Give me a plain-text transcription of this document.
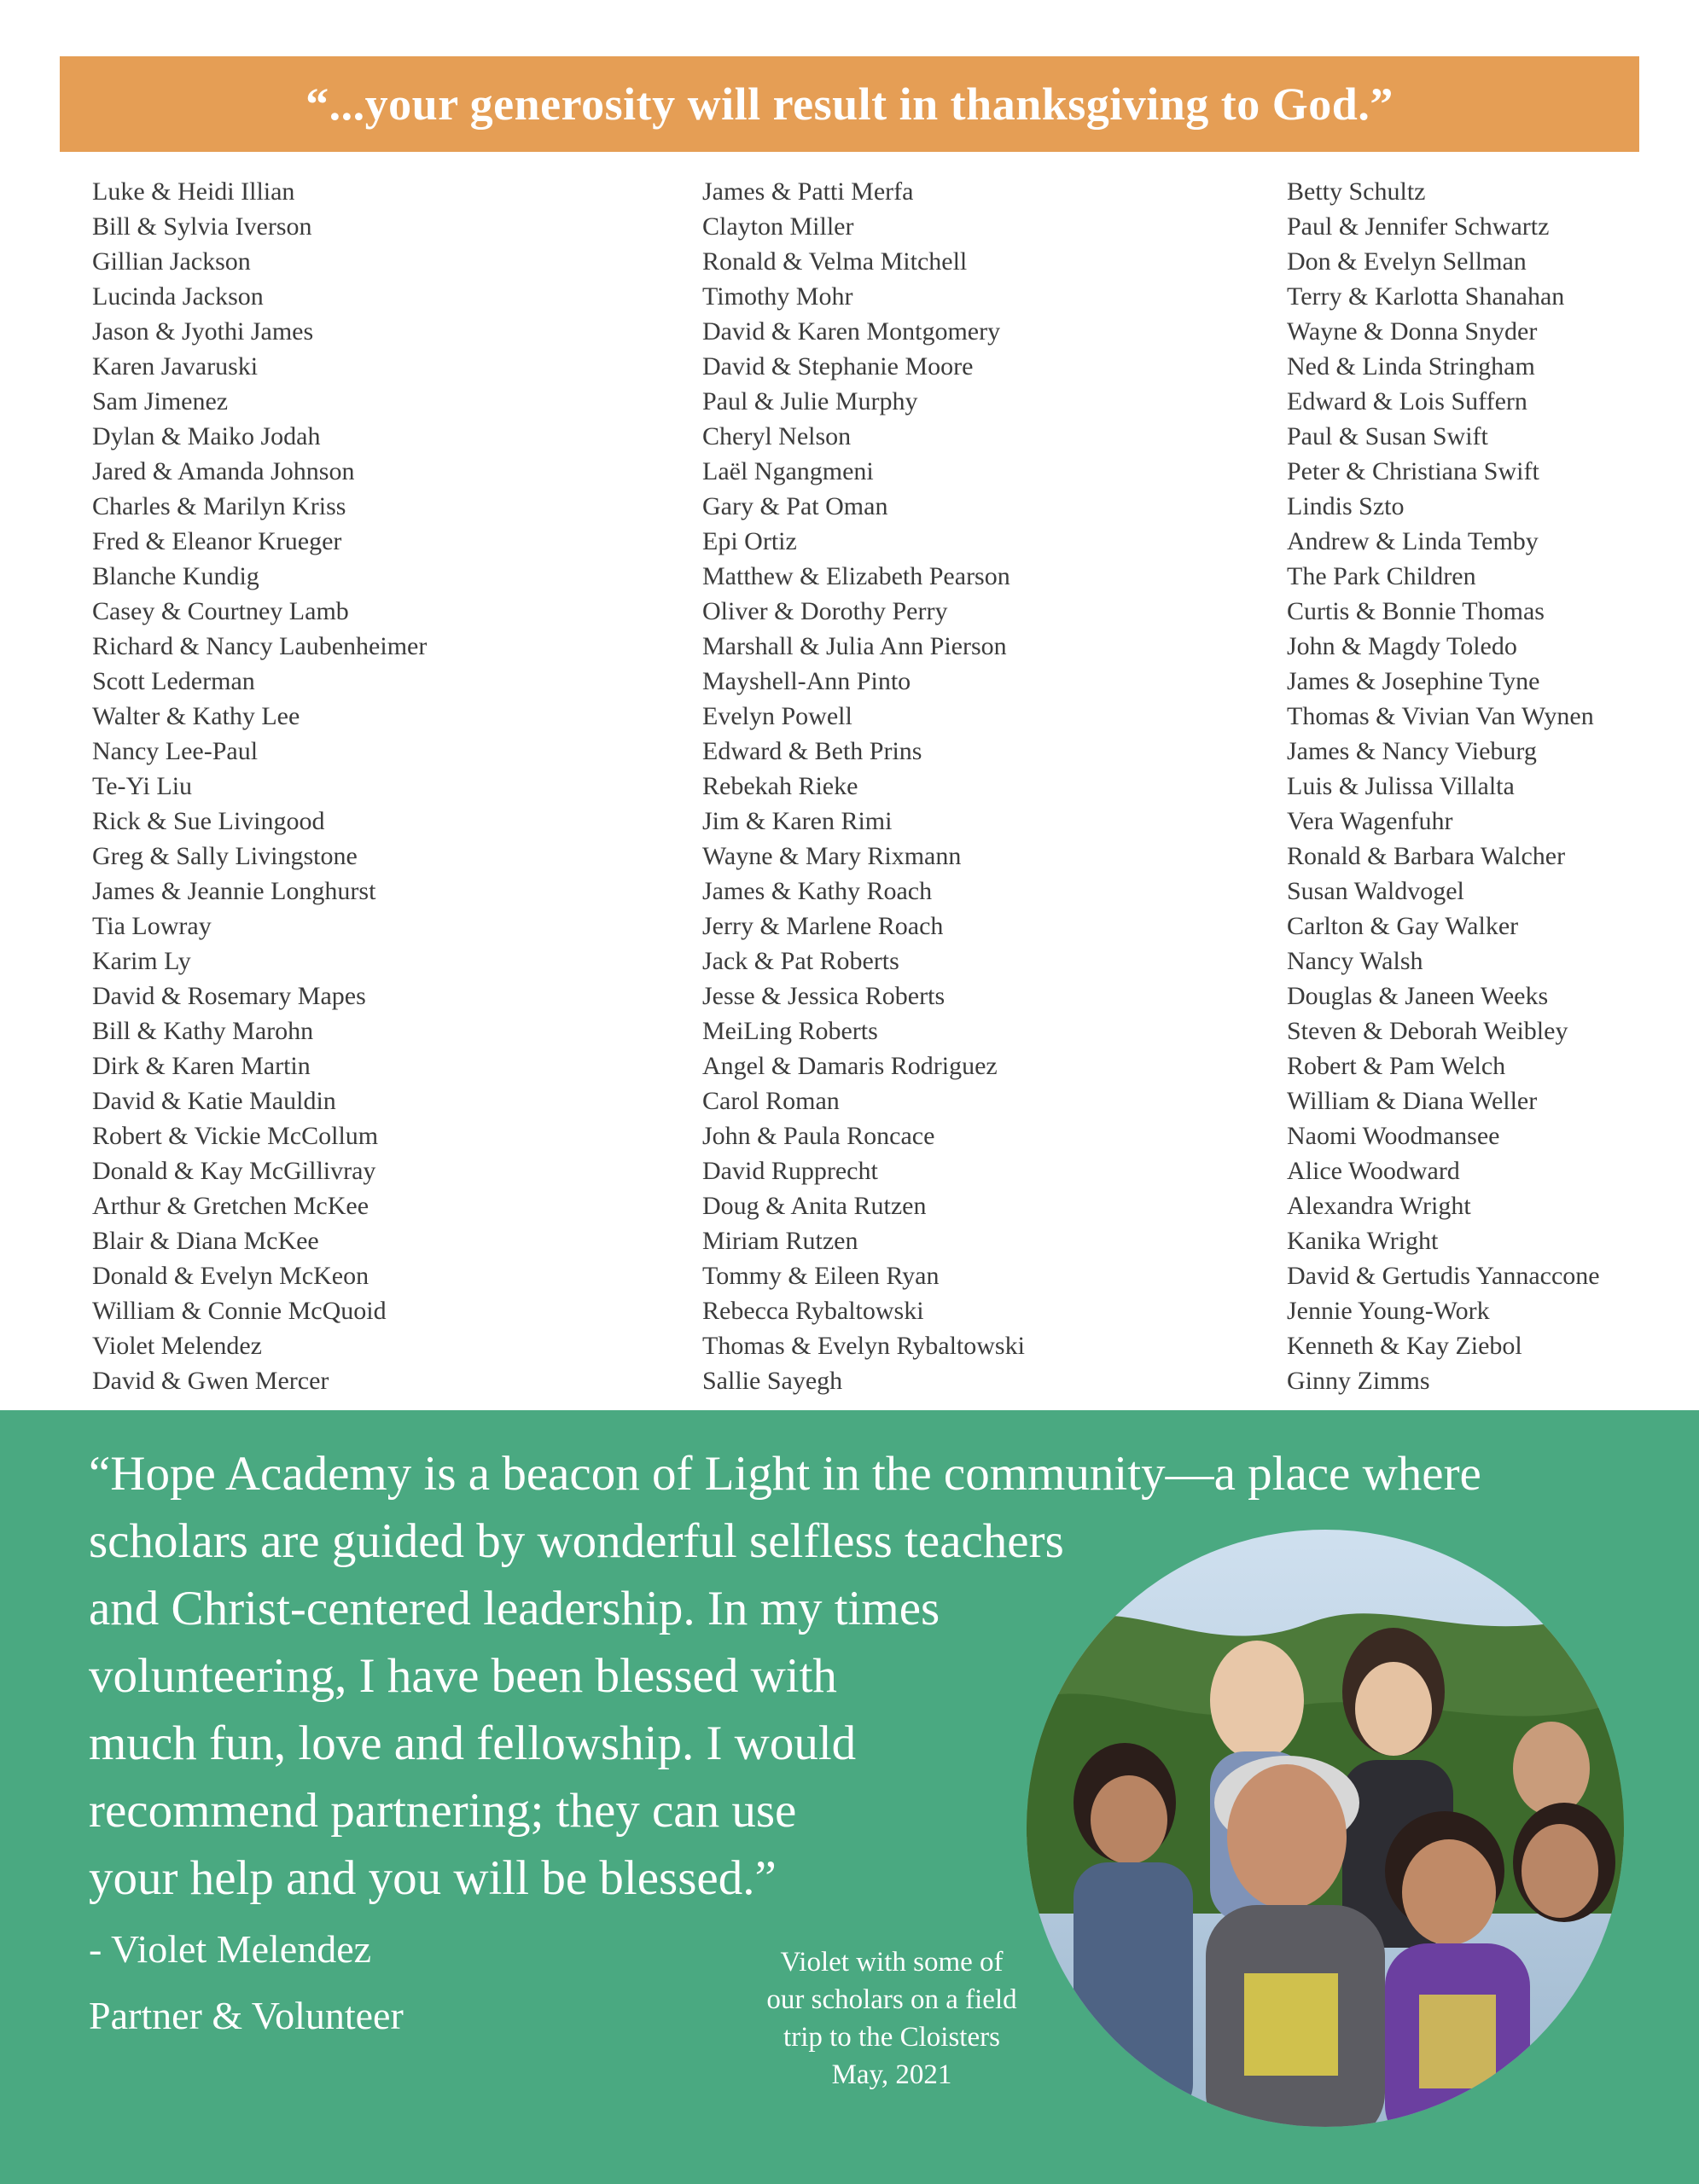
“...your generosity will result in thanksgiving to God.”
Luke & Heidi Illian
Bill & Sylvia Iverson
Gillian Jackson
Lucinda Jackson
Jason & Jyothi James
Karen Javaruski
Sam Jimenez
Dylan & Maiko Jodah
Jared & Amanda Johnson
Charles & Marilyn Kriss
Fred & Eleanor Krueger
Blanche Kundig
Casey & Courtney Lamb
Richard & Nancy Laubenheimer
Scott Lederman
Walter & Kathy Lee
Nancy Lee-Paul
Te-Yi Liu
Rick & Sue Livingood
Greg & Sally Livingstone
James & Jeannie Longhurst
Tia Lowray
Karim Ly
David & Rosemary Mapes
Bill & Kathy Marohn
Dirk & Karen Martin
David & Katie Mauldin
Robert & Vickie McCollum
Donald & Kay McGillivray
Arthur & Gretchen McKee
Blair & Diana McKee
Donald & Evelyn McKeon
William & Connie McQuoid
Violet Melendez
David & Gwen Mercer
James & Patti Merfa
Clayton Miller
Ronald & Velma Mitchell
Timothy Mohr
David & Karen Montgomery
David & Stephanie Moore
Paul & Julie Murphy
Cheryl Nelson
Laël Ngangmeni
Gary & Pat Oman
Epi Ortiz
Matthew & Elizabeth Pearson
Oliver & Dorothy Perry
Marshall & Julia Ann Pierson
Mayshell-Ann Pinto
Evelyn Powell
Edward & Beth Prins
Rebekah Rieke
Jim & Karen Rimi
Wayne & Mary Rixmann
James & Kathy Roach
Jerry & Marlene Roach
Jack & Pat Roberts
Jesse & Jessica Roberts
MeiLing Roberts
Angel & Damaris Rodriguez
Carol Roman
John & Paula Roncace
David Rupprecht
Doug & Anita Rutzen
Miriam Rutzen
Tommy & Eileen Ryan
Rebecca Rybaltowski
Thomas & Evelyn Rybaltowski
Sallie Sayegh
Betty Schultz
Paul & Jennifer Schwartz
Don & Evelyn Sellman
Terry & Karlotta Shanahan
Wayne & Donna Snyder
Ned & Linda Stringham
Edward & Lois Suffern
Paul & Susan Swift
Peter & Christiana Swift
Lindis Szto
Andrew & Linda Temby
The Park Children
Curtis & Bonnie Thomas
John & Magdy Toledo
James & Josephine Tyne
Thomas & Vivian Van Wynen
James & Nancy Vieburg
Luis & Julissa Villalta
Vera Wagenfuhr
Ronald & Barbara Walcher
Susan Waldvogel
Carlton & Gay Walker
Nancy Walsh
Douglas & Janeen Weeks
Steven & Deborah Weibley
Robert & Pam Welch
William & Diana Weller
Naomi Woodmansee
Alice Woodward
Alexandra Wright
Kanika Wright
David & Gertudis Yannaccone
Jennie Young-Work
Kenneth & Kay Ziebol
Ginny Zimms

“Hope Academy is a beacon of Light in the community—a place where
scholars are guided by wonderful selfless teachers
and Christ-centered leadership. In my times
volunteering, I have been blessed with
much fun, love and fellowship. I would
recommend partnering; they can use
your help and you will be blessed.”

- Violet Melendez
Partner & Volunteer
Violet with some of
our scholars on a field
trip to the Cloisters
May, 2021
